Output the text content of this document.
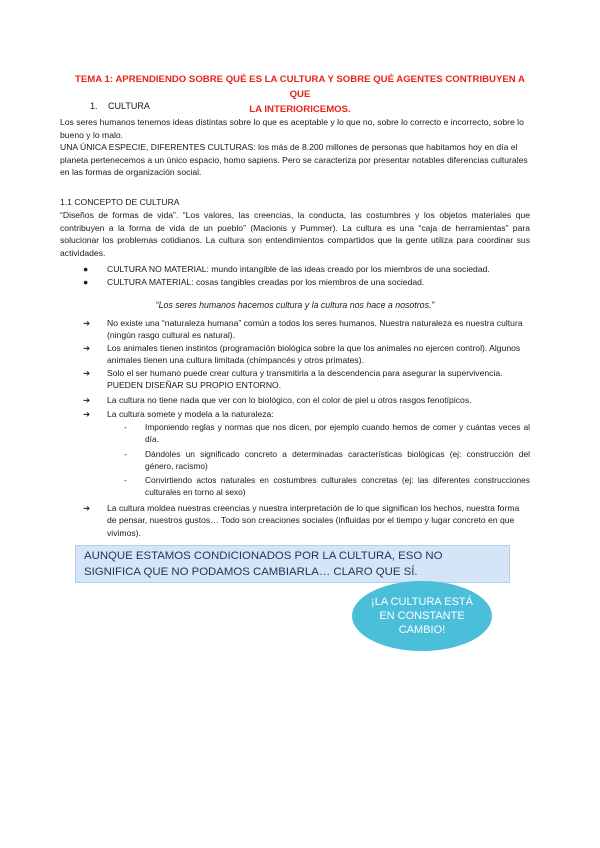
TEMA 1: APRENDIENDO SOBRE QUÉ ES LA CULTURA Y SOBRE QUÉ AGENTES CONTRIBUYEN A QUE
LA INTERIORICEMOS.
1. CULTURA
Los seres humanos tenemos ideas distintas sobre lo que es aceptable y lo que no, sobre lo correcto e incorrecto, sobre lo bueno y lo malo.
UNA ÚNICA ESPECIE, DIFERENTES CULTURAS: los más de 8.200 millones de personas que habitamos hoy en día el planeta pertenecemos a un único espacio, homo sapiens. Pero se caracteriza por presentar notables diferencias culturales en las formas de organización social.
1.1 CONCEPTO DE CULTURA
“Diseños de formas de vida”. “Los valores, las creencias, la conducta, las costumbres y los objetos materiales que contribuyen a la forma de vida de un pueblo” (Macionis y Pummer). La cultura es una “caja de herramientas” para solucionar los problemas cotidianos. La cultura son entendimientos compartidos que la gente utiliza para coordinar sus actividades.
● CULTURA NO MATERIAL: mundo intangible de las ideas creado por los miembros de una sociedad.
● CULTURA MATERIAL: cosas tangibles creadas por los miembros de una sociedad.
“Los seres humanos hacemos cultura y la cultura nos hace a nosotros.”
➔	No existe una “naturaleza humana” común a todos los seres humanos. Nuestra naturaleza es nuestra cultura (ningún rasgo cultural es natural).
➔	Los animales tienen instintos (programación biológica sobre la que los animales no ejercen control). Algunos animales tienen una cultura limitada (chimpancés y otros primates).
➔	Solo el ser humano puede crear cultura y transmitirla a la descendencia para asegurar la supervivencia. PUEDEN DISEÑAR SU PROPIO ENTORNO.
➔	La cultura no tiene nada que ver con lo biológico, con el color de piel u otros rasgos fenotípicos.
➔	La cultura somete y modela a la naturaleza:
- Imponiendo reglas y normas que nos dicen, por ejemplo cuando hemos de comer y cuántas veces al día.
- Dándoles un significado concreto a determinadas características biológicas (ej: construcción del género, racismo)
- Convirtiendo actos naturales en costumbres culturales concretas (ej: las diferentes construcciones culturales en torno al sexo)
➔	La cultura moldea nuestras creencias y nuestra interpretación de lo que significan los hechos, nuestra forma de pensar, nuestros gustos… Todo son creaciones sociales (influidas por el tiempo y lugar concreto en que vivimos).
AUNQUE ESTAMOS CONDICIONADOS POR LA CULTURA, ESO NO SIGNIFICA QUE NO PODAMOS CAMBIARLA… CLARO QUE SÍ.
¡LA CULTURA ESTÁ
EN CONSTANTE
CAMBIO!
